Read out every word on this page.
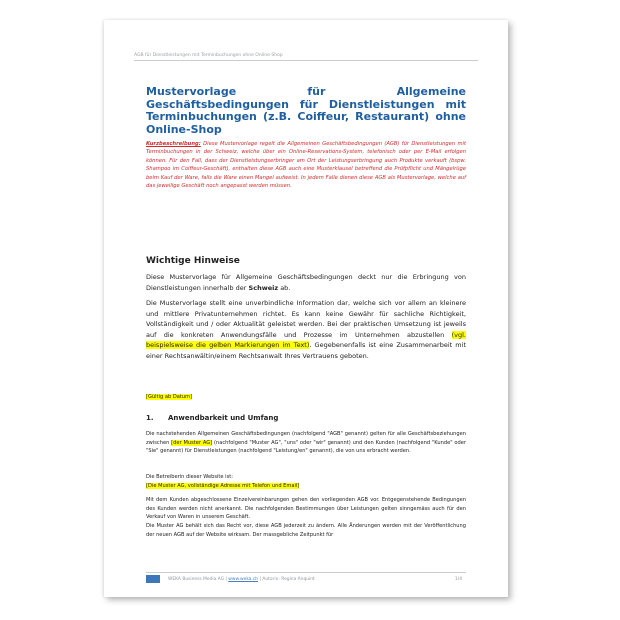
AGB für Dienstleistungen mit Terminbuchungen ohne Online-Shop
Mustervorlage für Allgemeine Geschäftsbedingungen für Dienstleistungen mit Terminbuchungen (z.B. Coiffeur, Restaurant) ohne Online-Shop

Kurzbeschreibung: Diese Mustervorlage regelt die Allgemeinen Geschäftsbedingungen (AGB) für Dienstleistungen mit Terminbuchungen in der Schweiz, welche über ein Online-Reservations-System, telefonisch oder per E-Mail erfolgen können. Für den Fall, dass der Dienstleistungserbringer am Ort der Leistungserbringung auch Produkte verkauft (bspw. Shampoo im Coiffeur-Geschäft), enthalten diese AGB auch eine Musterklausel betreffend die Prüfpflicht und Mängelrüge beim Kauf der Ware, falls die Ware einen Mangel aufweist. In jedem Falle dienen diese AGB als Mustervorlage, welche auf das jeweilige Geschäft noch angepasst werden müssen.

Wichtige Hinweise

Diese Mustervorlage für Allgemeine Geschäftsbedingungen deckt nur die Erbringung von Dienstleistungen innerhalb der Schweiz ab.

Die Mustervorlage stellt eine unverbindliche Information dar, welche sich vor allem an kleinere und mittlere Privatunternehmen richtet. Es kann keine Gewähr für sachliche Richtigkeit, Vollständigkeit und / oder Aktualität geleistet werden. Bei der praktischen Umsetzung ist jeweils auf die konkreten Anwendungsfälle und Prozesse im Unternehmen abzustellen (vgl. beispielsweise die gelben Markierungen im Text). Gegebenenfalls ist eine Zusammenarbeit mit einer Rechtsanwältin/einem Rechtsanwalt Ihres Vertrauens geboten.

[Gültig ab Datum]

1. Anwendbarkeit und Umfang

Die nachstehenden Allgemeinen Geschäftsbedingungen (nachfolgend "AGB" genannt) gelten für alle Geschäftsbeziehungen zwischen [der Muster AG] (nachfolgend "Muster AG", "uns" oder "wir" genannt) und den Kunden (nachfolgend "Kunde" oder "Sie" genannt) für Dienstleistungen (nachfolgend "Leistung/en" genannt), die von uns erbracht werden.

Die Betreiberin dieser Website ist:

[Die Muster AG, vollständige Adresse mit Telefon und Email]

Mit dem Kunden abgeschlossene Einzelvereinbarungen gehen den vorliegenden AGB vor. Entgegenstehende Bedingungen des Kunden werden nicht anerkannt. Die nachfolgenden Bestimmungen über Leistungen gelten sinngemäss auch für den Verkauf von Waren in unserem Geschäft.

Die Muster AG behält sich das Recht vor, diese AGB jederzeit zu ändern. Alle Änderungen werden mit der Veröffentlichung der neuen AGB auf der Website wirksam. Der massgebliche Zeitpunkt für

WEKA Business Media AG | www.weka.ch | Autorin: Regina Anquint	1/4
